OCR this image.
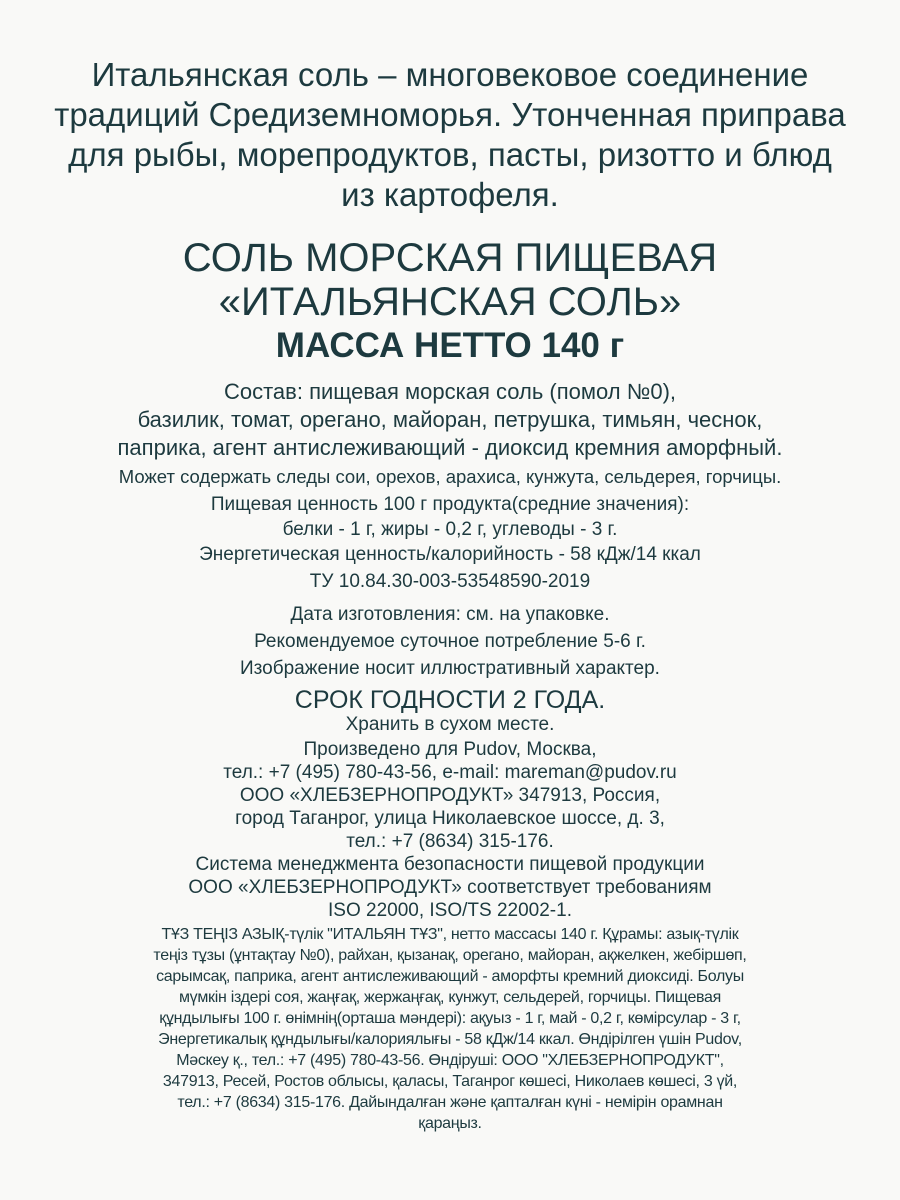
Итальянская соль – многовековое соединение
традиций Средиземноморья. Утонченная приправа
для рыбы, морепродуктов, пасты, ризотто и блюд
из картофеля.
СОЛЬ МОРСКАЯ ПИЩЕВАЯ
«ИТАЛЬЯНСКАЯ СОЛЬ»
МАССА НЕТТО 140 г
Состав: пищевая морская соль (помол №0),
базилик, томат, орегано, майоран, петрушка, тимьян, чеснок,
паприка, агент антислеживающий - диоксид кремния аморфный.
Может содержать следы сои, орехов, арахиса, кунжута, сельдерея, горчицы.
Пищевая ценность 100 г продукта(средние значения):
белки - 1 г, жиры - 0,2 г, углеводы - 3 г.
Энергетическая ценность/калорийность - 58 кДж/14 ккал
ТУ 10.84.30-003-53548590-2019
Дата изготовления: см. на упаковке.
Рекомендуемое суточное потребление 5-6 г.
Изображение носит иллюстративный характер.
СРОК ГОДНОСТИ 2 ГОДА.
Хранить в сухом месте.
Произведено для Pudov, Москва,
тел.: +7 (495) 780-43-56, e-mail: mareman@pudov.ru
ООО «ХЛЕБЗЕРНОПРОДУКТ» 347913, Россия,
город Таганрог, улица Николаевское шоссе, д. 3,
тел.: +7 (8634) 315-176.
Система менеджмента безопасности пищевой продукции
ООО «ХЛЕБЗЕРНОПРОДУКТ» соответствует требованиям
ISO 22000, ISO/TS 22002-1.
ТҰЗ ТЕҢІЗ АЗЫҚ-түлік "ИТАЛЬЯН ТҰЗ", нетто массасы 140 г. Құрамы: азық-түлік
теңіз тұзы (ұнтақтау №0), райхан, қызанақ, ореганo, майоран, ақжелкен, жебіршөп,
сарымсақ, паприка, агент антислеживающий - аморфты кремний диоксиді. Болуы
мүмкін іздері соя, жаңғақ, жержаңғақ, кунжут, сельдерей, горчицы. Пищевая
құндылығы 100 г. өнімнің(орташа мәндері): ақуыз - 1 г, май - 0,2 г, көмірсулар - 3 г,
Энергетикалық құндылығы/калориялығы - 58 кДж/14 ккал. Өндірілген үшін Pudov,
Мәскеу қ., тел.: +7 (495) 780-43-56. Өндіруші: ООО "ХЛЕБЗЕРНОПРОДУКТ",
347913, Ресей, Ростов облысы, қаласы, Таганрог көшесі, Николаев көшесі, 3 үй,
тел.: +7 (8634) 315-176. Дайындалған және қапталған күні - немірін орамнан
қараңыз.
